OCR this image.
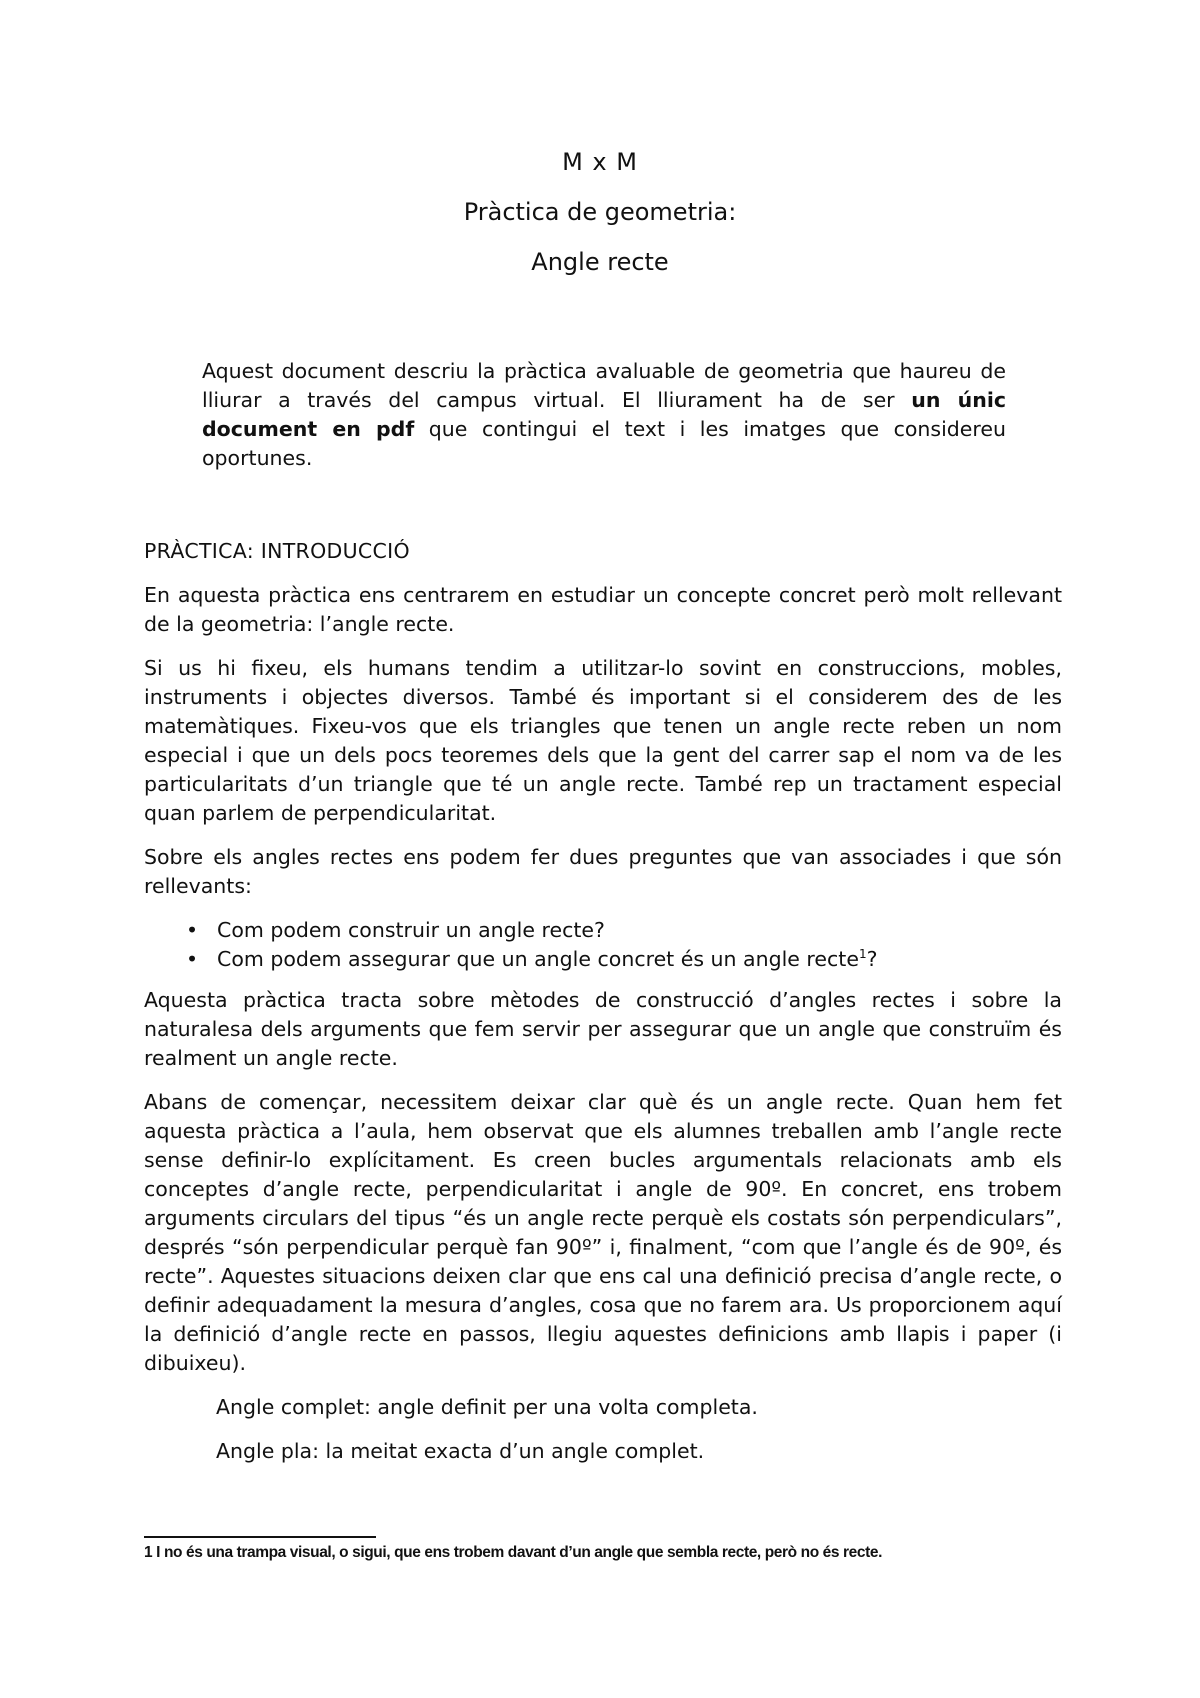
M x M
Pràctica de geometria:
Angle recte
Aquest document descriu la pràctica avaluable de geometria que haureu de lliurar a través del campus virtual. El lliurament ha de ser un únic document en pdf que contingui el text i les imatges que considereu oportunes.
PRÀCTICA: INTRODUCCIÓ
En aquesta pràctica ens centrarem en estudiar un concepte concret però molt rellevant de la geometria: l’angle recte.
Si us hi fixeu, els humans tendim a utilitzar-lo sovint en construccions, mobles, instruments i objectes diversos. També és important si el considerem des de les matemàtiques. Fixeu-vos que els triangles que tenen un angle recte reben un nom especial i que un dels pocs teoremes dels que la gent del carrer sap el nom va de les particularitats d’un triangle que té un angle recte. També rep un tractament especial quan parlem de perpendicularitat.
Sobre els angles rectes ens podem fer dues preguntes que van associades i que són rellevants:
• Com podem construir un angle recte?
• Com podem assegurar que un angle concret és un angle recte$^1$?
Aquesta pràctica tracta sobre mètodes de construcció d’angles rectes i sobre la naturalesa dels arguments que fem servir per assegurar que un angle que construïm és realment un angle recte.
Abans de començar, necessitem deixar clar què és un angle recte. Quan hem fet aquesta pràctica a l’aula, hem observat que els alumnes treballen amb l’angle recte sense definir-lo explícitament. Es creen bucles argumentals relacionats amb els conceptes d’angle recte, perpendicularitat i angle de 90º. En concret, ens trobem arguments circulars del tipus “és un angle recte perquè els costats són perpendiculars”, després “són perpendicular perquè fan 90º” i, finalment, “com que l’angle és de 90º, és recte”. Aquestes situacions deixen clar que ens cal una definició precisa d’angle recte, o definir adequadament la mesura d’angles, cosa que no farem ara. Us proporcionem aquí la definició d’angle recte en passos, llegiu aquestes definicions amb llapis i paper (i dibuixeu).
Angle complet: angle definit per una volta completa.
Angle pla: la meitat exacta d’un angle complet.
1 I no és una trampa visual, o sigui, que ens trobem davant d’un angle que sembla recte, però no és recte.
